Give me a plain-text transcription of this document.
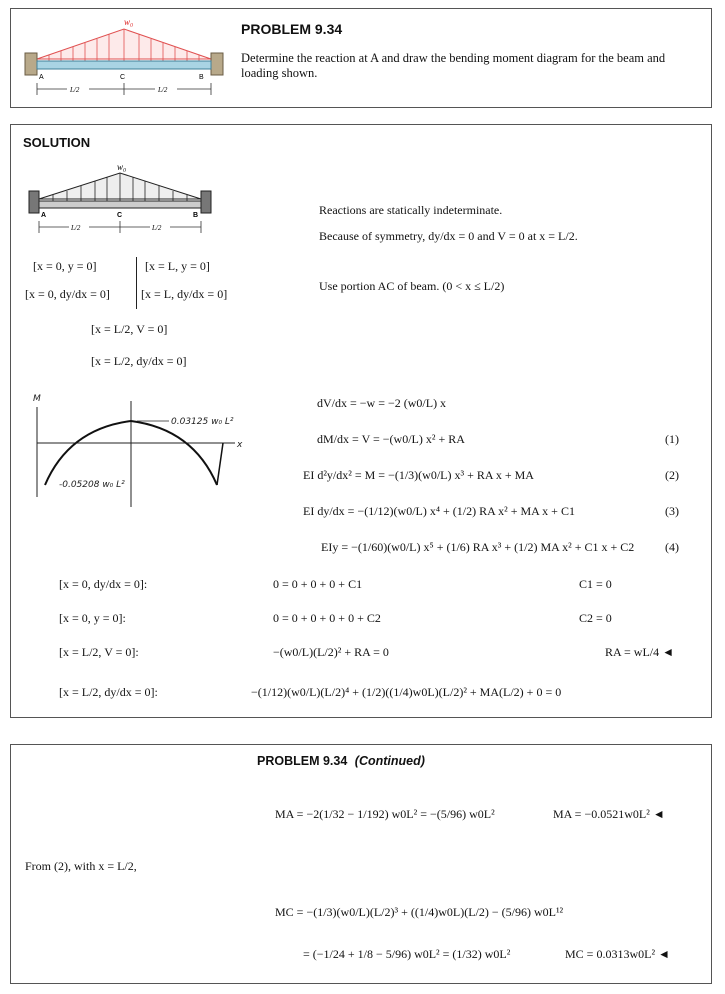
w₀
A	C	B
L/2	L/2
PROBLEM 9.34
Determine the reaction at A and draw the bending moment diagram for the beam and loading shown.
SOLUTION
w₀
A	C	B
L/2	L/2
[x = 0, y = 0]	[x = L, y = 0]
[x = 0, dy/dx = 0]	[x = L, dy/dx = 0]
[x = L/2, V = 0]
[x = L/2, dy/dx = 0]
Reactions are statically indeterminate.
Because of symmetry, dy/dx = 0 and V = 0 at x = L/2.
Use portion AC of beam. (0 < x ≤ L/2)
M
0.03125 w₀ L²
x
-0.05208 w₀ L²
dV/dx = −w = −2 (w0/L) x
dM/dx = V = −(w0/L) x² + RA	(1)
EI d²y/dx² = M = −(1/3)(w0/L) x³ + RA x + MA	(2)
EI dy/dx = −(1/12)(w0/L) x⁴ + (1/2) RA x² + MA x + C1	(3)
EIy = −(1/60)(w0/L) x⁵ + (1/6) RA x³ + (1/2) MA x² + C1 x + C2	(4)
[x = 0, dy/dx = 0]:	0 = 0 + 0 + 0 + C1	C1 = 0
[x = 0, y = 0]:	0 = 0 + 0 + 0 + 0 + C2	C2 = 0
[x = L/2, V = 0]:	−(w0/L)(L/2)² + RA = 0	RA = wL/4 ◄
[x = L/2, dy/dx = 0]:	−(1/12)(w0/L)(L/2)⁴ + (1/2)((1/4)w0L)(L/2)² + MA(L/2) + 0 = 0
PROBLEM 9.34 (Continued)
MA = −2(1/32 − 1/192) w0L² = −(5/96) w0L²	MA = −0.0521w0L² ◄
From (2), with x = L/2,
MC = −(1/3)(w0/L)(L/2)³ + ((1/4)w0L)(L/2) − (5/96) w0L¹²
= (−1/24 + 1/8 − 5/96) w0L² = (1/32) w0L²	MC = 0.0313w0L² ◄
